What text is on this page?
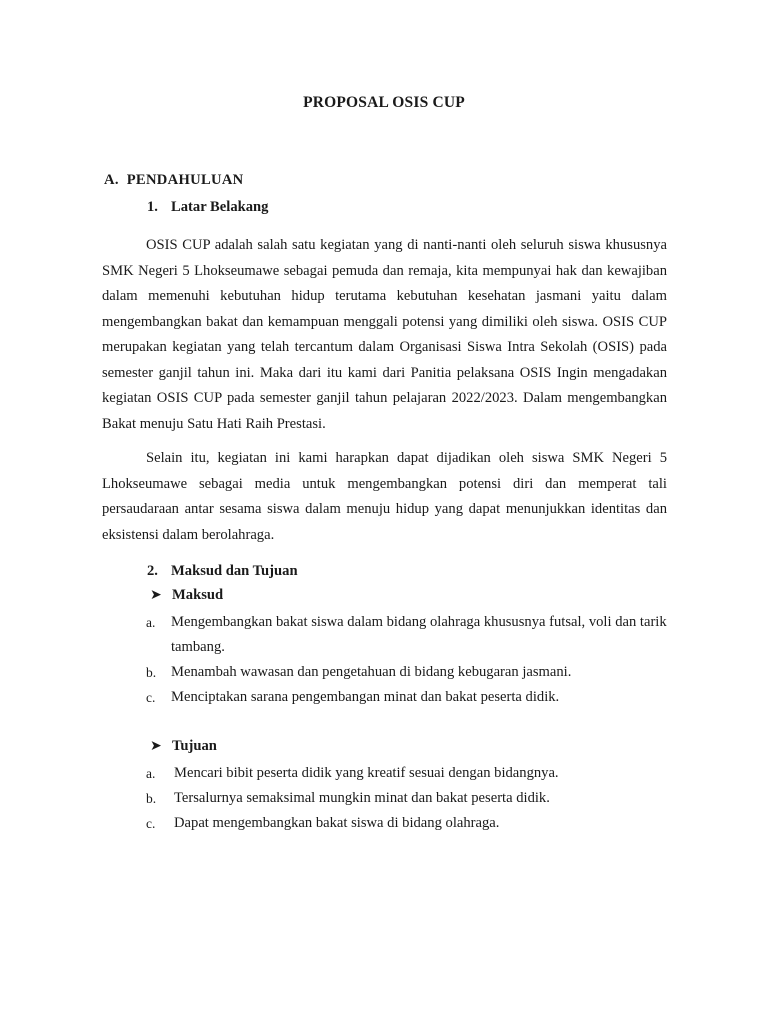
PROPOSAL OSIS CUP
A. PENDAHULUAN
1. Latar Belakang

OSIS CUP adalah salah satu kegiatan yang di nanti-nanti oleh seluruh siswa khususnya SMK Negeri 5 Lhokseumawe sebagai pemuda dan remaja, kita mempunyai hak dan kewajiban dalam memenuhi kebutuhan hidup terutama kebutuhan kesehatan jasmani yaitu dalam mengembangkan bakat dan kemampuan menggali potensi yang dimiliki oleh siswa. OSIS CUP merupakan kegiatan yang telah tercantum dalam Organisasi Siswa Intra Sekolah (OSIS) pada semester ganjil tahun ini. Maka dari itu kami dari Panitia pelaksana OSIS Ingin mengadakan kegiatan OSIS CUP pada semester ganjil tahun pelajaran 2022/2023. Dalam mengembangkan Bakat menuju Satu Hati Raih Prestasi.

Selain itu, kegiatan ini kami harapkan dapat dijadikan oleh siswa SMK Negeri 5 Lhokseumawe sebagai media untuk mengembangkan potensi diri dan memperat tali persaudaraan antar sesama siswa dalam menuju hidup yang dapat menunjukkan identitas dan eksistensi dalam berolahraga.

2. Maksud dan Tujuan
➤ Maksud
a. Mengembangkan bakat siswa dalam bidang olahraga khususnya futsal, voli dan tarik tambang.
b. Menambah wawasan dan pengetahuan di bidang kebugaran jasmani.
c. Menciptakan sarana pengembangan minat dan bakat peserta didik.
➤ Tujuan
a. Mencari bibit peserta didik yang kreatif sesuai dengan bidangnya.
b. Tersalurnya semaksimal mungkin minat dan bakat peserta didik.
c. Dapat mengembangkan bakat siswa di bidang olahraga.
